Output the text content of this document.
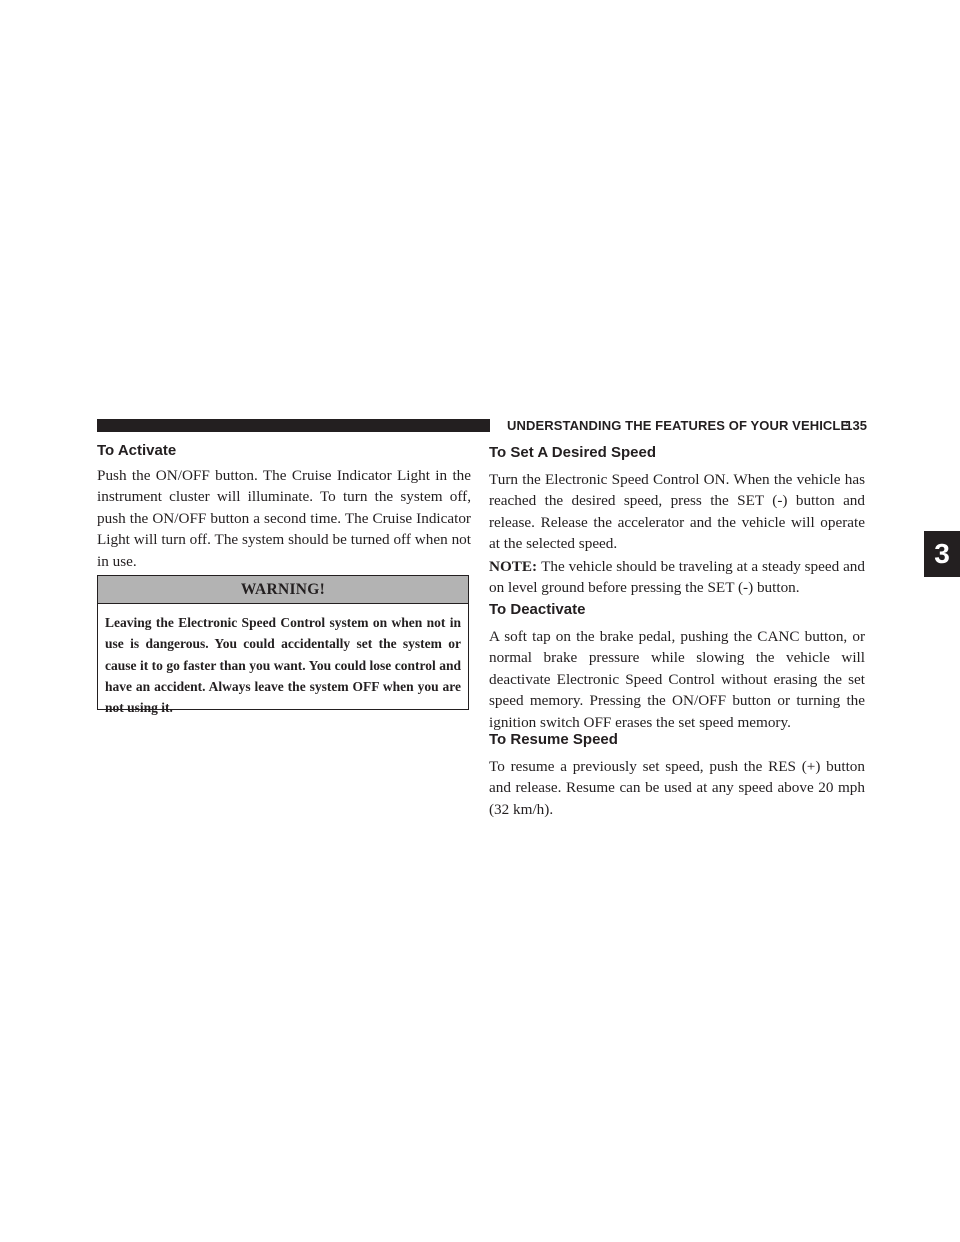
UNDERSTANDING THE FEATURES OF YOUR VEHICLE
135
3
To Activate

Push the ON/OFF button. The Cruise Indicator Light in the instrument cluster will illuminate. To turn the system off, push the ON/OFF button a second time. The Cruise Indicator Light will turn off. The system should be turned off when not in use.

WARNING!

Leaving the Electronic Speed Control system on when not in use is dangerous. You could accidentally set the system or cause it to go faster than you want. You could lose control and have an accident. Always leave the system OFF when you are not using it.

To Set A Desired Speed

Turn the Electronic Speed Control ON. When the vehicle has reached the desired speed, press the SET (-) button and release. Release the accelerator and the vehicle will operate at the selected speed.

NOTE: The vehicle should be traveling at a steady speed and on level ground before pressing the SET (-) button.

To Deactivate

A soft tap on the brake pedal, pushing the CANC button, or normal brake pressure while slowing the vehicle will deactivate Electronic Speed Control without erasing the set speed memory. Pressing the ON/OFF button or turning the ignition switch OFF erases the set speed memory.

To Resume Speed

To resume a previously set speed, push the RES (+) button and release. Resume can be used at any speed above 20 mph (32 km/h).
